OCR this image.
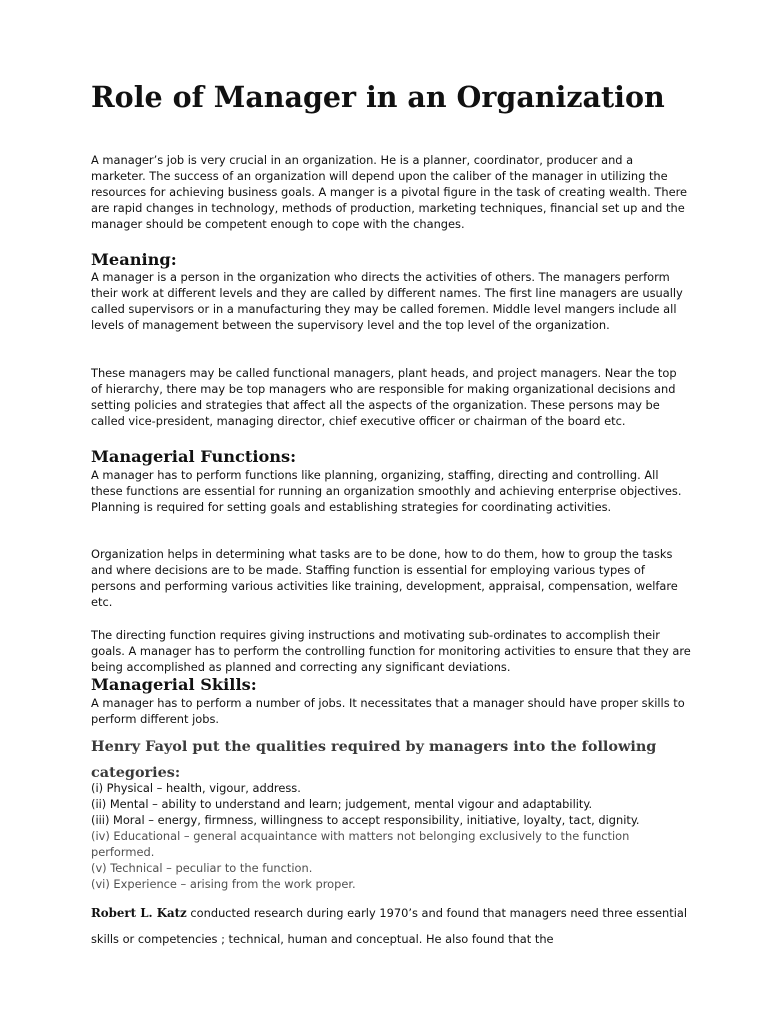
Role of Manager in an Organization

A manager’s job is very crucial in an organization. He is a planner, coordinator, producer and a marketer. The success of an organization will depend upon the caliber of the manager in utilizing the resources for achieving business goals. A manger is a pivotal figure in the task of creating wealth. There are rapid changes in technology, methods of production, marketing techniques, financial set up and the manager should be competent enough to cope with the changes.

Meaning:

A manager is a person in the organization who directs the activities of others. The managers perform their work at different levels and they are called by different names. The first line managers are usually called supervisors or in a manufacturing they may be called foremen. Middle level mangers include all levels of management between the supervisory level and the top level of the organization.

These managers may be called functional managers, plant heads, and project managers. Near the top of hierarchy, there may be top managers who are responsible for making organizational decisions and setting policies and strategies that affect all the aspects of the organization. These persons may be called vice-president, managing director, chief executive officer or chairman of the board etc.

Managerial Functions:

A manager has to perform functions like planning, organizing, staffing, directing and controlling. All these functions are essential for running an organization smoothly and achieving enterprise objectives. Planning is required for setting goals and establishing strategies for coordinating activities.

Organization helps in determining what tasks are to be done, how to do them, how to group the tasks and where decisions are to be made. Staffing function is essential for employing various types of persons and performing various activities like training, development, appraisal, compensation, welfare etc.

The directing function requires giving instructions and motivating sub-ordinates to accomplish their goals. A manager has to perform the controlling function for monitoring activities to ensure that they are being accomplished as planned and correcting any significant deviations.

Managerial Skills:

A manager has to perform a number of jobs. It necessitates that a manager should have proper skills to perform different jobs.

Henry Fayol put the qualities required by managers into the following categories:
(i) Physical – health, vigour, address.
(ii) Mental – ability to understand and learn; judgement, mental vigour and adaptability.
(iii) Moral – energy, firmness, willingness to accept responsibility, initiative, loyalty, tact, dignity.
(iv) Educational – general acquaintance with matters not belonging exclusively to the function performed.
(v) Technical – peculiar to the function.
(vi) Experience – arising from the work proper.

Robert L. Katz conducted research during early 1970’s and found that managers need three essential skills or competencies ; technical, human and conceptual. He also found that the
